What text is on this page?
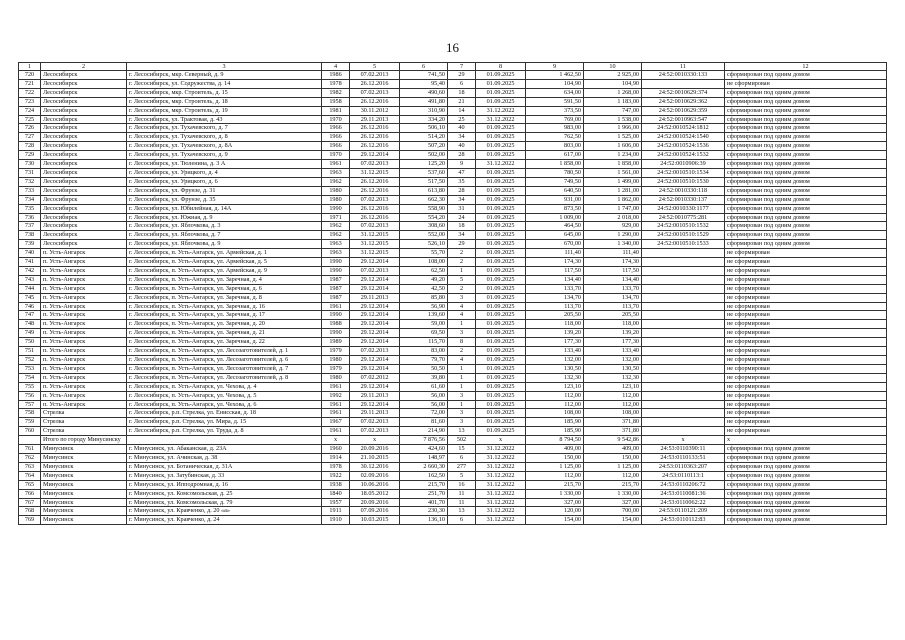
16
1	2	3	4	5	6	7	8	9	10	11	12
720	Лесосибирск	г. Лесосибирск, мкр. Северный, д. 9	1986	07.02.2013	741,50	29	01.09.2025	1 462,50	2 925,00	24:52:0010330:133	сформирован под одним домом
721	Лесосибирск	г. Лесосибирск, ул. Содружества, д. 14	1978	26.12.2016	95,40	6	01.09.2025	104,90	104,90		не сформирован
722	Лесосибирск	г. Лесосибирск, мкр. Строитель, д. 15	1982	07.02.2013	490,60	18	01.09.2025	634,00	1 268,00	24:52:0010629:374	сформирован под одним домом
723	Лесосибирск	г. Лесосибирск, мкр. Строитель, д. 18	1958	26.12.2016	491,80	21	01.09.2025	591,50	1 183,00	24:52:0010629:362	сформирован под одним домом
724	Лесосибирск	г. Лесосибирск, мкр. Строитель, д. 19	1981	30.11.2012	310,90	14	31.12.2022	373,50	747,00	24:52:0010629:359	сформирован под одним домом
725	Лесосибирск	г. Лесосибирск, ул. Трактовая, д. 43	1970	29.11.2013	334,20	25	31.12.2022	769,00	1 538,00	24:52:0010963:547	сформирован под одним домом
726	Лесосибирск	г. Лесосибирск, ул. Тухачевского, д. 7	1966	26.12.2016	506,10	40	01.09.2025	983,00	1 966,00	24:52:0010524:1812	сформирован под одним домом
727	Лесосибирск	г. Лесосибирск, ул. Тухачевского, д. 8	1966	26.12.2016	514,20	34	01.09.2025	762,50	1 525,00	24:52:0010524:1540	сформирован под одним домом
728	Лесосибирск	г. Лесосибирск, ул. Тухачевского, д. 8А	1966	26.12.2016	507,20	40	01.09.2025	803,00	1 606,00	24:52:0010524:1536	сформирован под одним домом
729	Лесосибирск	г. Лесосибирск, ул. Тухачевского, д. 9	1970	29.12.2014	502,00	28	01.09.2025	617,00	1 234,00	24:52:0010524:1532	сформирован под одним домом
730	Лесосибирск	г. Лесосибирск, ул. Тюленина, д. 3 А	1961	07.02.2013	125,20	9	31.12.2022	1 858,00	1 858,00	24:52:0010906:39	сформирован под одним домом
731	Лесосибирск	г. Лесосибирск, ул. Урицкого, д. 4	1963	31.12.2015	537,60	47	01.09.2025	780,50	1 561,00	24:52:0010510:1534	сформирован под одним домом
732	Лесосибирск	г. Лесосибирск, ул. Урицкого, д. 6	1962	26.12.2016	517,50	35	01.09.2025	749,50	1 499,00	24:52:0010510:1530	сформирован под одним домом
733	Лесосибирск	г. Лесосибирск, ул. Фрунзе, д. 31	1980	26.12.2016	613,80	28	01.09.2025	640,50	1 281,00	24:52:0010330:118	сформирован под одним домом
734	Лесосибирск	г. Лесосибирск, ул. Фрунзе, д. 35	1980	07.02.2013	662,30	34	01.09.2025	931,00	1 862,00	24:52:0010330:137	сформирован под одним домом
735	Лесосибирск	г. Лесосибирск, ул. Юбилейная, д. 14А	1990	26.12.2016	558,90	31	01.09.2025	873,50	1 747,00	24:52:0010330:1177	сформирован под одним домом
736	Лесосибирск	г. Лесосибирск, ул. Южная, д. 9	1971	26.12.2016	554,20	24	01.09.2025	1 009,00	2 018,00	24:52:0010775:281	сформирован под одним домом
737	Лесосибирск	г. Лесосибирск, ул. Яблочкова, д. 3	1962	07.02.2013	308,60	18	01.09.2025	464,50	929,00	24:52:0010510:1532	сформирован под одним домом
738	Лесосибирск	г. Лесосибирск, ул. Яблочкова, д. 7	1962	31.12.2015	552,00	34	01.09.2025	645,00	1 290,00	24:52:0010510:1529	сформирован под одним домом
739	Лесосибирск	г. Лесосибирск, ул. Яблочкова, д. 9	1963	31.12.2015	526,10	29	01.09.2025	670,00	1 340,00	24:52:0010510:1533	сформирован под одним домом
740	п. Усть-Ангарск	г. Лесосибирск, п. Усть-Ангарск, ул. Армейская, д. 1	1963	31.12.2015	55,70	2	01.09.2025	111,40	111,40		не сформирован
741	п. Усть-Ангарск	г. Лесосибирск, п. Усть-Ангарск, ул. Армейская, д. 5	1990	29.12.2014	108,00	2	01.09.2025	174,30	174,30		не сформирован
742	п. Усть-Ангарск	г. Лесосибирск, п. Усть-Ангарск, ул. Армейская, д. 9	1990	07.02.2013	62,50	1	01.09.2025	117,50	117,50		не сформирован
743	п. Усть-Ангарск	г. Лесосибирск, п. Усть-Ангарск, ул. Заречная, д. 4	1987	29.12.2014	49,20	5	01.09.2025	134,40	134,40		не сформирован
744	п. Усть-Ангарск	г. Лесосибирск, п. Усть-Ангарск, ул. Заречная, д. 6	1987	29.12.2014	42,50	2	01.09.2025	133,70	133,70		не сформирован
745	п. Усть-Ангарск	г. Лесосибирск, п. Усть-Ангарск, ул. Заречная, д. 8	1987	29.11.2013	85,80	3	01.09.2025	134,70	134,70		не сформирован
746	п. Усть-Ангарск	г. Лесосибирск, п. Усть-Ангарск, ул. Заречная, д. 16	1961	29.12.2014	56,90	4	01.09.2025	113,70	113,70		не сформирован
747	п. Усть-Ангарск	г. Лесосибирск, п. Усть-Ангарск, ул. Заречная, д. 17	1990	29.12.2014	139,60	4	01.09.2025	205,50	205,50		не сформирован
748	п. Усть-Ангарск	г. Лесосибирск, п. Усть-Ангарск, ул. Заречная, д. 20	1988	29.12.2014	59,00	1	01.09.2025	118,00	118,00		не сформирован
749	п. Усть-Ангарск	г. Лесосибирск, п. Усть-Ангарск, ул. Заречная, д. 21	1990	29.12.2014	69,50	3	01.09.2025	139,20	139,20		не сформирован
750	п. Усть-Ангарск	г. Лесосибирск, п. Усть-Ангарск, ул. Заречная, д. 22	1989	29.12.2014	115,70	8	01.09.2025	177,30	177,30		не сформирован
751	п. Усть-Ангарск	г. Лесосибирск, п. Усть-Ангарск, ул. Лесозаготовителей, д. 1	1979	07.02.2013	83,00	2	01.09.2025	133,40	133,40		не сформирован
752	п. Усть-Ангарск	г. Лесосибирск, п. Усть-Ангарск, ул. Лесозаготовителей, д. 6	1980	29.12.2014	79,70	4	01.09.2025	132,00	132,00		не сформирован
753	п. Усть-Ангарск	г. Лесосибирск, п. Усть-Ангарск, ул. Лесозаготовителей, д. 7	1979	29.12.2014	50,50	1	01.09.2025	130,50	130,50		не сформирован
754	п. Усть-Ангарск	г. Лесосибирск, п. Усть-Ангарск, ул. Лесозаготовителей, д. 8	1980	07.02.2012	39,80	1	01.09.2025	132,30	132,30		не сформирован
755	п. Усть-Ангарск	г. Лесосибирск, п. Усть-Ангарск, ул. Чехова, д. 4	1961	29.12.2014	61,60	1	01.09.2025	123,10	123,10		не сформирован
756	п. Усть-Ангарск	г. Лесосибирск, п. Усть-Ангарск, ул. Чехова, д. 5	1992	29.11.2013	56,00	3	01.09.2025	112,00	112,00		не сформирован
757	п. Усть-Ангарск	г. Лесосибирск, п. Усть-Ангарск, ул. Чехова, д. 6	1961	29.12.2014	56,00	1	01.09.2025	112,00	112,00		не сформирован
758	Стрелка	г. Лесосибирск, р.п. Стрелка, ул. Енисская, д. 18	1961	29.11.2013	72,00	3	01.09.2025	108,00	108,00		не сформирован
759	Стрелка	г. Лесосибирск, р.п. Стрелка, ул. Мира, д. 15	1967	07.02.2013	81,60	3	01.09.2025	185,90	371,80		не сформирован
760	Стрелка	г. Лесосибирск, р.п. Стрелка, ул. Труда, д. 8	1961	07.02.2013	214,90	13	01.09.2025	185,90	371,80		не сформирован
	Итого по городу Минусинску		x	x	7 876,56	502	x	8 794,50	9 542,86	x	x
761	Минусинск	г. Минусинск, ул. Абаканская, д. 23А	1960	20.09.2016	424,60	15	31.12.2022	409,00	409,00	24:53:0110390:11	сформирован под одним домом
762	Минусинск	г. Минусинск, ул. Ачинская, д. 38	1914	21.10.2015	148,97	6	31.12.2022	150,00	150,00	24:53:0110133:51	сформирован под одним домом
763	Минусинск	г. Минусинск, ул. Ботаническая, д. 31А	1978	30.12.2016	2 660,30	277	31.12.2022	1 125,00	1 125,00	24:53:0110363:207	сформирован под одним домом
764	Минусинск	г. Минусинск, ул. Затубинская, д. 33	1922	02.09.2016	162,50	5	31.12.2022	112,00	112,00	24:53:0110113:1	сформирован под одним домом
765	Минусинск	г. Минусинск, ул. Ипподромная, д. 16	1938	10.06.2016	215,70	16	31.12.2022	215,70	215,70	24:53:0110206:72	сформирован под одним домом
766	Минусинск	г. Минусинск, ул. Комсомольская, д. 25	1840	18.05.2012	251,70	11	31.12.2022	1 330,00	1 330,00	24:53:0110081:36	сформирован под одним домом
767	Минусинск	г. Минусинск, ул. Комсомольская, д. 79	1957	20.09.2016	401,70	11	31.12.2022	327,00	327,00	24:53:0110062:22	сформирован под одним домом
768	Минусинск	г. Минусинск, ул. Кравченко, д. 20 «а»	1911	07.09.2016	230,30	13	31.12.2022	120,00	700,00	24:53:0110121:209	сформирован под одним домом
769	Минусинск	г. Минусинск, ул. Кравченко, д. 24	1910	10.03.2015	136,10	6	31.12.2022	154,00	154,00	24:53:0110112:83	сформирован под одним домом
